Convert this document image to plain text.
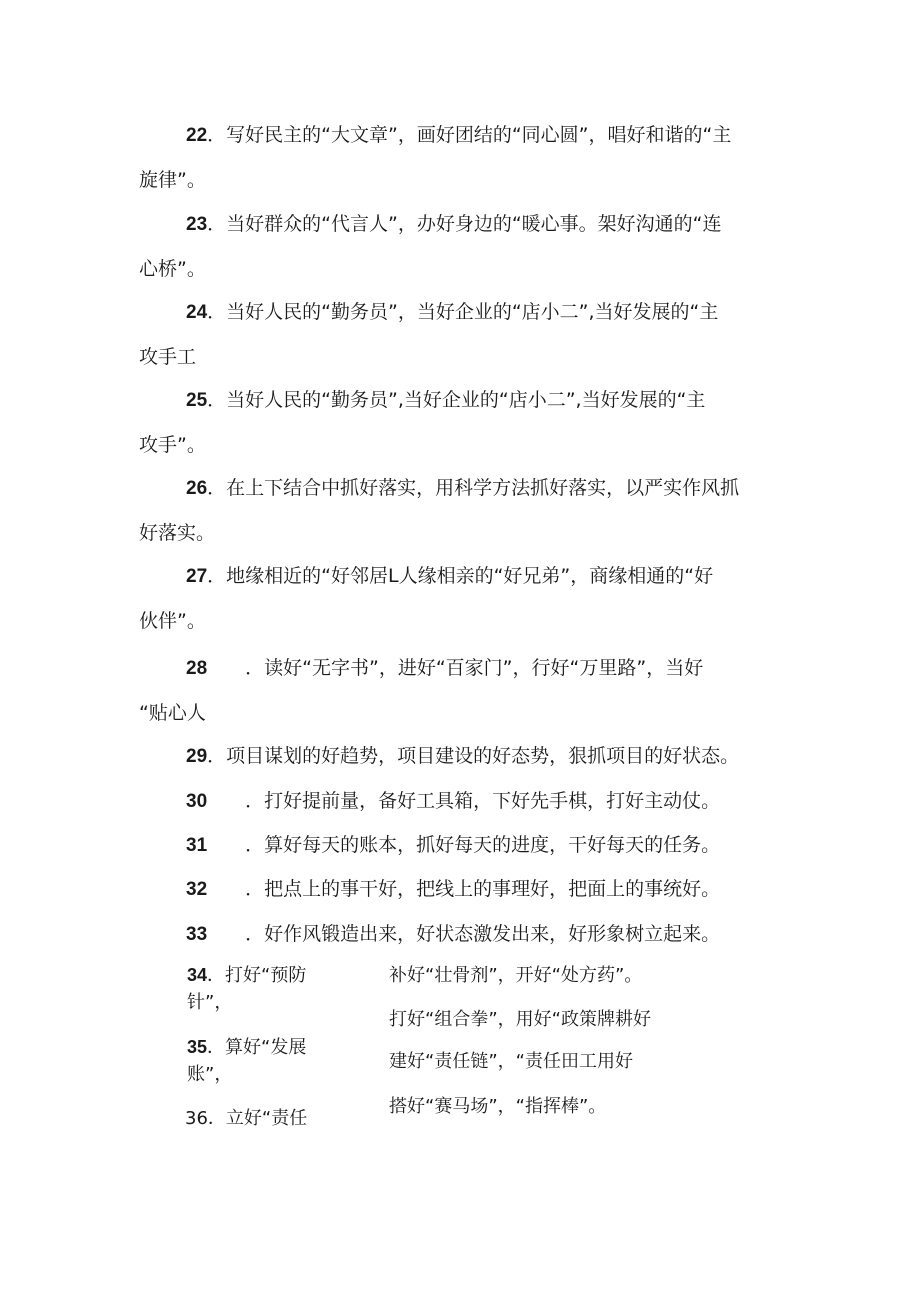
22．写好民主的“大文章”，画好团结的“同心圆”，唱好和谐的“主
旋律”。
23．当好群众的“代言人”，办好身边的“暖心事。架好沟通的“连
心桥”。
24．当好人民的“勤务员”，当好企业的“店小二”,当好发展的“主
攻手工
25．当好人民的“勤务员”,当好企业的“店小二”,当好发展的“主
攻手”。
26．在上下结合中抓好落实，用科学方法抓好落实，以严实作风抓
好落实。
27．地缘相近的“好邻居L人缘相亲的“好兄弟”，商缘相通的“好
伙伴”。
28 ．读好“无字书”，进好“百家门”，行好“万里路”，当好
“贴心人
29．项目谋划的好趋势，项目建设的好态势，狠抓项目的好状态。
30 ．打好提前量，备好工具箱，下好先手棋，打好主动仗。
31 ．算好每天的账本，抓好每天的进度，干好每天的任务。
32 ．把点上的事干好，把线上的事理好，把面上的事统好。
33 ．好作风锻造出来，好状态激发出来，好形象树立起来。
34．打好“预防
针”，
35．算好“发展
账”，
36．立好“责任
补好“壮骨剂”，开好“处方药”。
打好“组合拳”，用好“政策牌耕好
建好“责任链”，“责任田工用好
搭好“赛马场”，“指挥棒”。
